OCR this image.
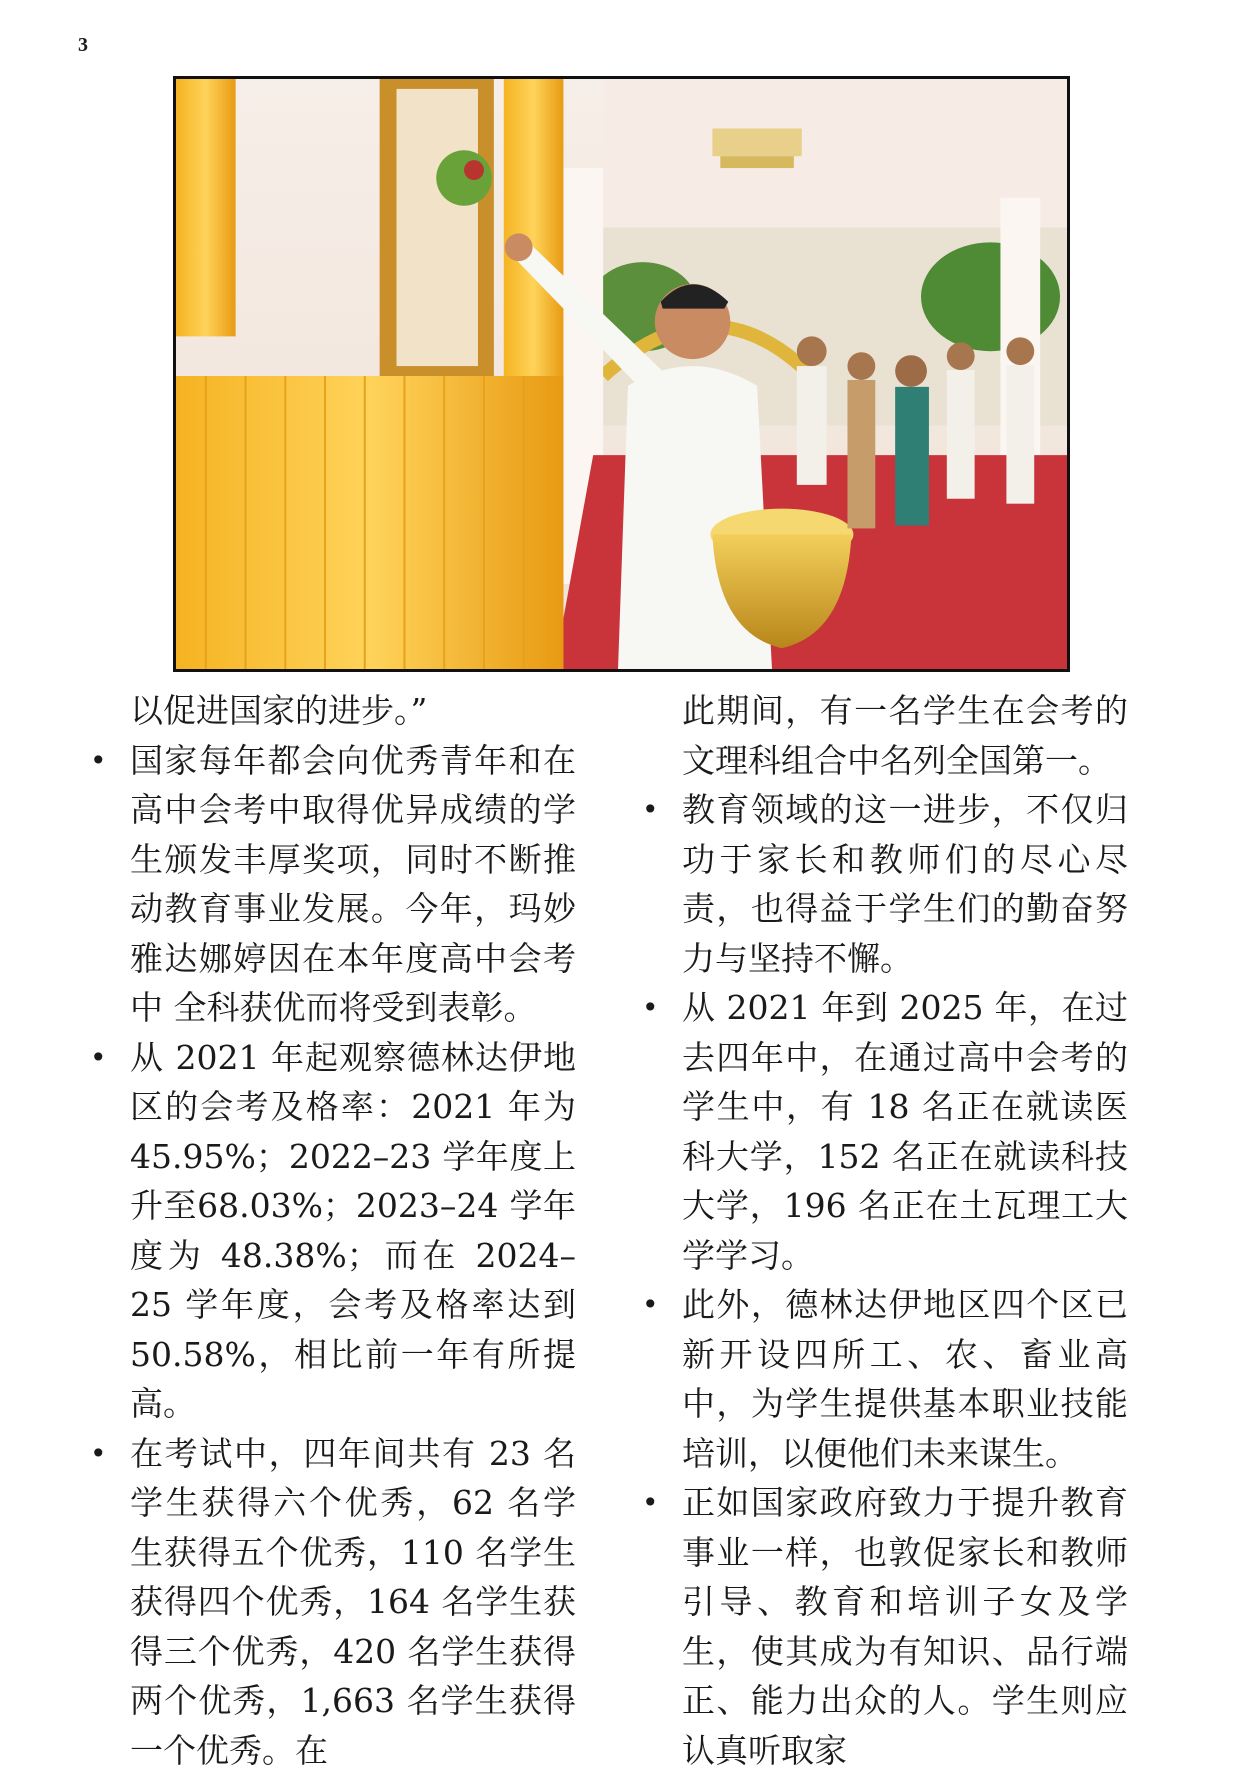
3

以促进国家的进步。”

• 国家每年都会向优秀青年和在高中会考中取得优异成绩的学生颁发丰厚奖项，同时不断推动教育事业发展。今年，玛妙雅达娜婷因在本年度高中会考中 全科获优而将受到表彰。

• 从 2021 年起观察德林达伊地区的会考及格率：2021 年为 45.95%；2022–23 学年度上升至68.03%；2023–24 学年度为 48.38%；而在 2024–25 学年度，会考及格率达到 50.58%，相比前一年有所提高。

• 在考试中，四年间共有 23 名学生获得六个优秀，62 名学生获得五个优秀，110 名学生获得四个优秀，164 名学生获得三个优秀，420 名学生获得两个优秀，1,663 名学生获得一个优秀。在

此期间，有一名学生在会考的文理科组合中名列全国第一。

• 教育领域的这一进步，不仅归功于家长和教师们的尽心尽责，也得益于学生们的勤奋努力与坚持不懈。

• 从 2021 年到 2025 年，在过去四年中，在通过高中会考的学生中，有 18 名正在就读医科大学，152 名正在就读科技大学，196 名正在土瓦理工大学学习。

• 此外，德林达伊地区四个区已新开设四所工、农、畜业高中，为学生提供基本职业技能培训，以便他们未来谋生。

• 正如国家政府致力于提升教育事业一样，也敦促家长和教师引导、教育和培训子女及学生，使其成为有知识、品行端正、能力出众的人。学生则应认真听取家
